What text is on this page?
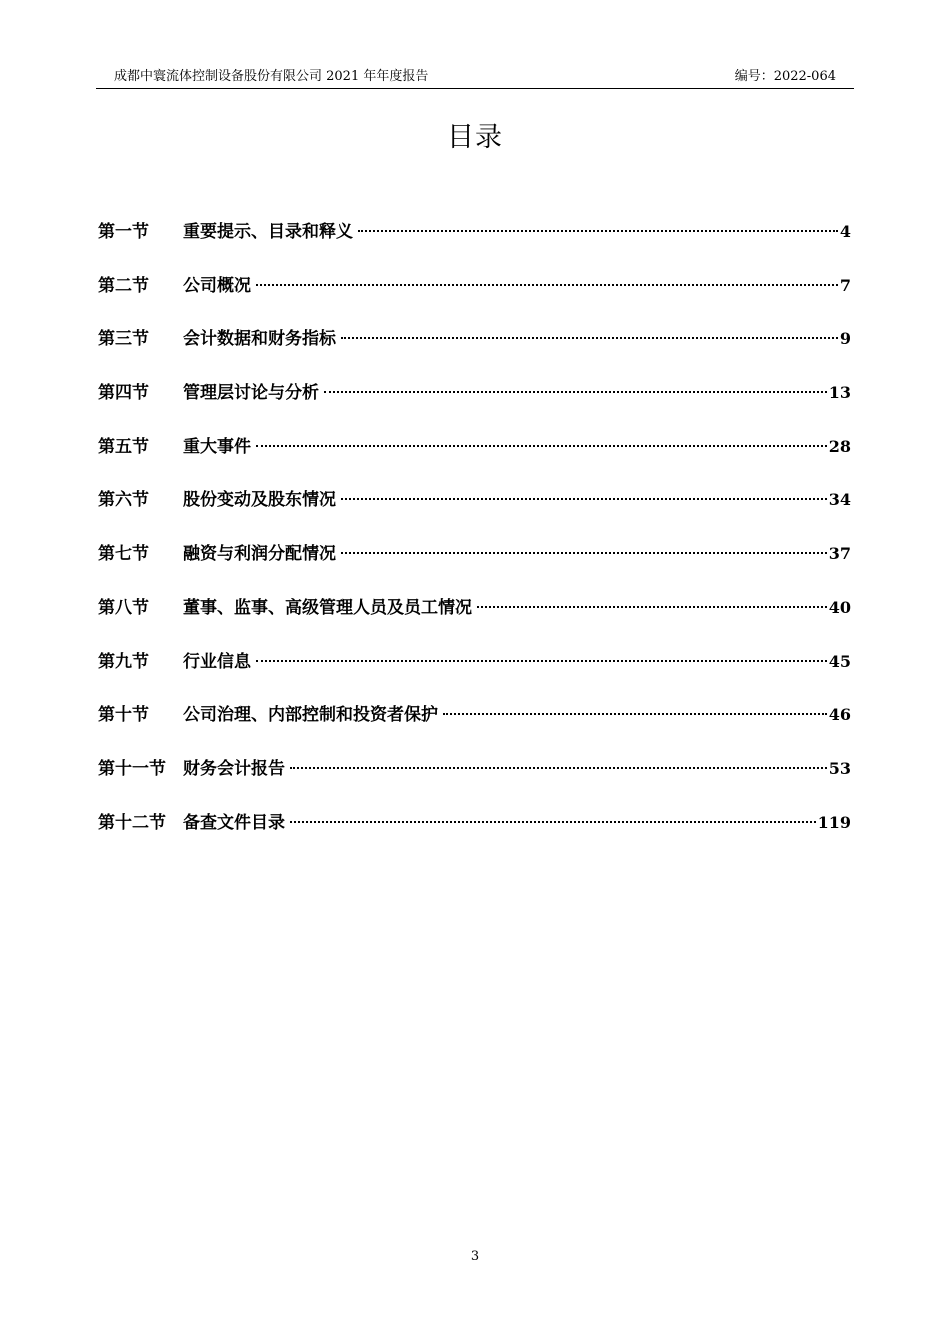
成都中寰流体控制设备股份有限公司 2021 年年度报告	编号：2022-064
目录
第一节	重要提示、目录和释义	4
第二节	公司概况	7
第三节	会计数据和财务指标	9
第四节	管理层讨论与分析	13
第五节	重大事件	28
第六节	股份变动及股东情况	34
第七节	融资与利润分配情况	37
第八节	董事、监事、高级管理人员及员工情况	40
第九节	行业信息	45
第十节	公司治理、内部控制和投资者保护	46
第十一节	财务会计报告	53
第十二节	备查文件目录	119
3
